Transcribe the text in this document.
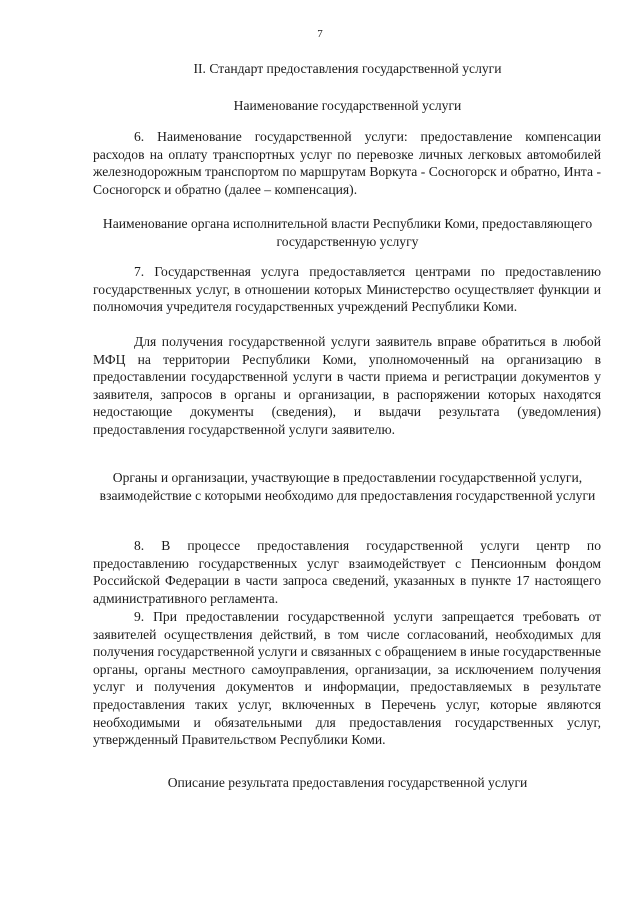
7
II. Стандарт предоставления государственной услуги
Наименование государственной услуги
6. Наименование государственной услуги: предоставление компенсации расходов на оплату транспортных услуг по перевозке личных легковых автомобилей железнодорожным транспортом по маршрутам Воркута - Сосногорск и обратно, Инта - Сосногорск и обратно (далее – компенсация).
Наименование органа исполнительной власти Республики Коми, предоставляющего государственную услугу
7. Государственная услуга предоставляется центрами по предоставлению государственных услуг, в отношении которых Министерство осуществляет функции и полномочия учредителя государственных учреждений Республики Коми.
Для получения государственной услуги заявитель вправе обратиться в любой МФЦ на территории Республики Коми, уполномоченный на организацию в предоставлении государственной услуги в части приема и регистрации документов у заявителя, запросов в органы и организации, в распоряжении которых находятся недостающие документы (сведения), и выдачи результата (уведомления) предоставления государственной услуги заявителю.
Органы и организации, участвующие в предоставлении государственной услуги, взаимодействие с которыми необходимо для предоставления государственной услуги
8. В процессе предоставления государственной услуги центр по предоставлению государственных услуг взаимодействует с Пенсионным фондом Российской Федерации в части запроса сведений, указанных в пункте 17 настоящего административного регламента.
9. При предоставлении государственной услуги запрещается требовать от заявителей осуществления действий, в том числе согласований, необходимых для получения государственной услуги и связанных с обращением в иные государственные органы, органы местного самоуправления, организации, за исключением получения услуг и получения документов и информации, предоставляемых в результате предоставления таких услуг, включенных в Перечень услуг, которые являются необходимыми и обязательными для предоставления государственных услуг, утвержденный Правительством Республики Коми.
Описание результата предоставления государственной услуги
